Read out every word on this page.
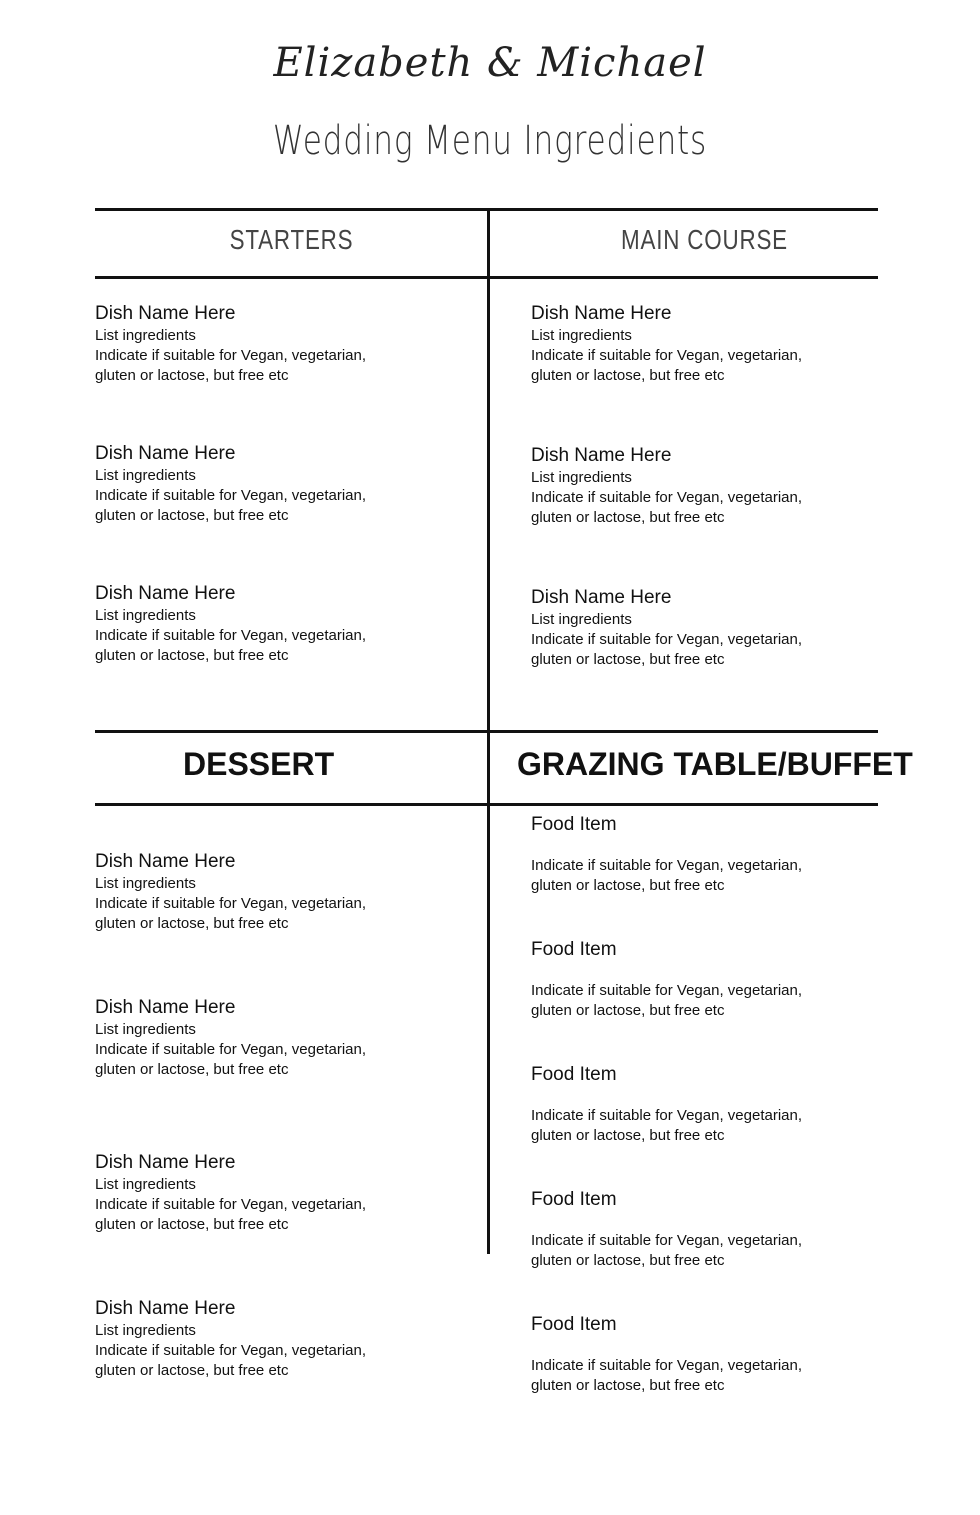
Elizabeth & Michael
Wedding Menu Ingredients
STARTERS	MAIN COURSE
DESSERT	GRAZING TABLE/BUFFET
Dish Name Here
List ingredients
Indicate if suitable for Vegan, vegetarian, gluten or lactose, but free etc
Dish Name Here
List ingredients
Indicate if suitable for Vegan, vegetarian, gluten or lactose, but free etc
Dish Name Here
List ingredients
Indicate if suitable for Vegan, vegetarian, gluten or lactose, but free etc
Dish Name Here
List ingredients
Indicate if suitable for Vegan, vegetarian, gluten or lactose, but free etc
Dish Name Here
List ingredients
Indicate if suitable for Vegan, vegetarian, gluten or lactose, but free etc
Dish Name Here
List ingredients
Indicate if suitable for Vegan, vegetarian, gluten or lactose, but free etc
Dish Name Here
List ingredients
Indicate if suitable for Vegan, vegetarian, gluten or lactose, but free etc
Dish Name Here
List ingredients
Indicate if suitable for Vegan, vegetarian, gluten or lactose, but free etc
Dish Name Here
List ingredients
Indicate if suitable for Vegan, vegetarian, gluten or lactose, but free etc
Dish Name Here
List ingredients
Indicate if suitable for Vegan, vegetarian, gluten or lactose, but free etc
Food Item
Indicate if suitable for Vegan, vegetarian, gluten or lactose, but free etc
Food Item
Indicate if suitable for Vegan, vegetarian, gluten or lactose, but free etc
Food Item
Indicate if suitable for Vegan, vegetarian, gluten or lactose, but free etc
Food Item
Indicate if suitable for Vegan, vegetarian, gluten or lactose, but free etc
Food Item
Indicate if suitable for Vegan, vegetarian, gluten or lactose, but free etc
